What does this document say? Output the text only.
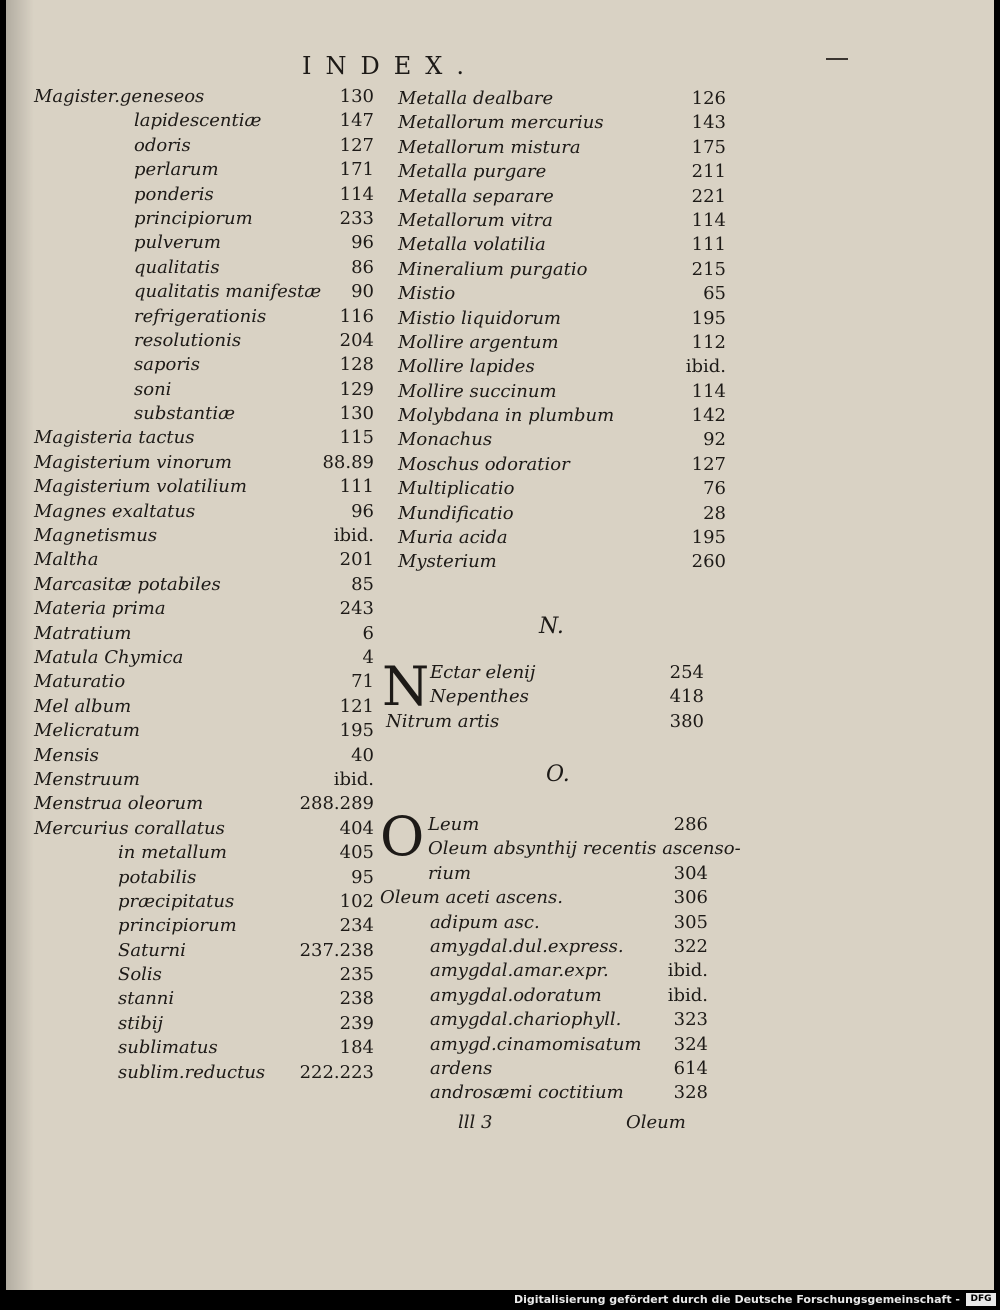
INDEX.
Magister.geneseos	130
lapidescentiæ	147
odoris	127
perlarum	171
ponderis	114
principiorum	233
pulverum	96
qualitatis	86
qualitatis manifestæ 90
refrigerationis	116
resolutionis	204
saporis	128
soni	129
substantiæ	130
Magisteria tactus	115
Magisterium vinorum	88.89
Magisterium volatilium	111
Magnes exaltatus	96
Magnetismus	ibid.
Maltha	201
Marcasitæ potabiles	85
Materia prima	243
Matratium	6
Matula Chymica	4
Maturatio	71
Mel album	121
Melicratum	195
Mensis	40
Menstruum	ibid.
Menstrua oleorum	288.289
Mercurius corallatus	404
in metallum	405
potabilis	95
præcipitatus	102
principiorum	234
Saturni	237.238
Solis	235
stanni	238
stibij	239
sublimatus	184
sublim.reductus 222.223
Metalla dealbare	126
Metallorum mercurius	143
Metallorum mistura	175
Metalla purgare	211
Metalla separare	221
Metallorum vitra	114
Metalla volatilia	111
Mineralium purgatio	215
Mistio	65
Mistio liquidorum	195
Mollire argentum	112
Mollire lapides	ibid.
Mollire succinum	114
Molybdana in plumbum	142
Monachus	92
Moschus odoratior	127
Multiplicatio	76
Mundificatio	28
Muria acida	195
Mysterium	260
N.
N Ectar elenij	254
Nepenthes	418
Nitrum artis	380
O.
O Leum	286
Oleum absynthij recentis ascenso-
rium	304
Oleum aceti ascens.	306
adipum asc.	305
amygdal.dul.express.	322
amygdal.amar.expr.	ibid.
amygdal.odoratum	ibid.
amygdal.chariophyll.	323
amygd.cinamomisatum 324
ardens	614
androsæmi coctitium	328
lll 3	Oleum
Digitalisierung gefördert durch die Deutsche Forschungsgemeinschaft -	DFG
